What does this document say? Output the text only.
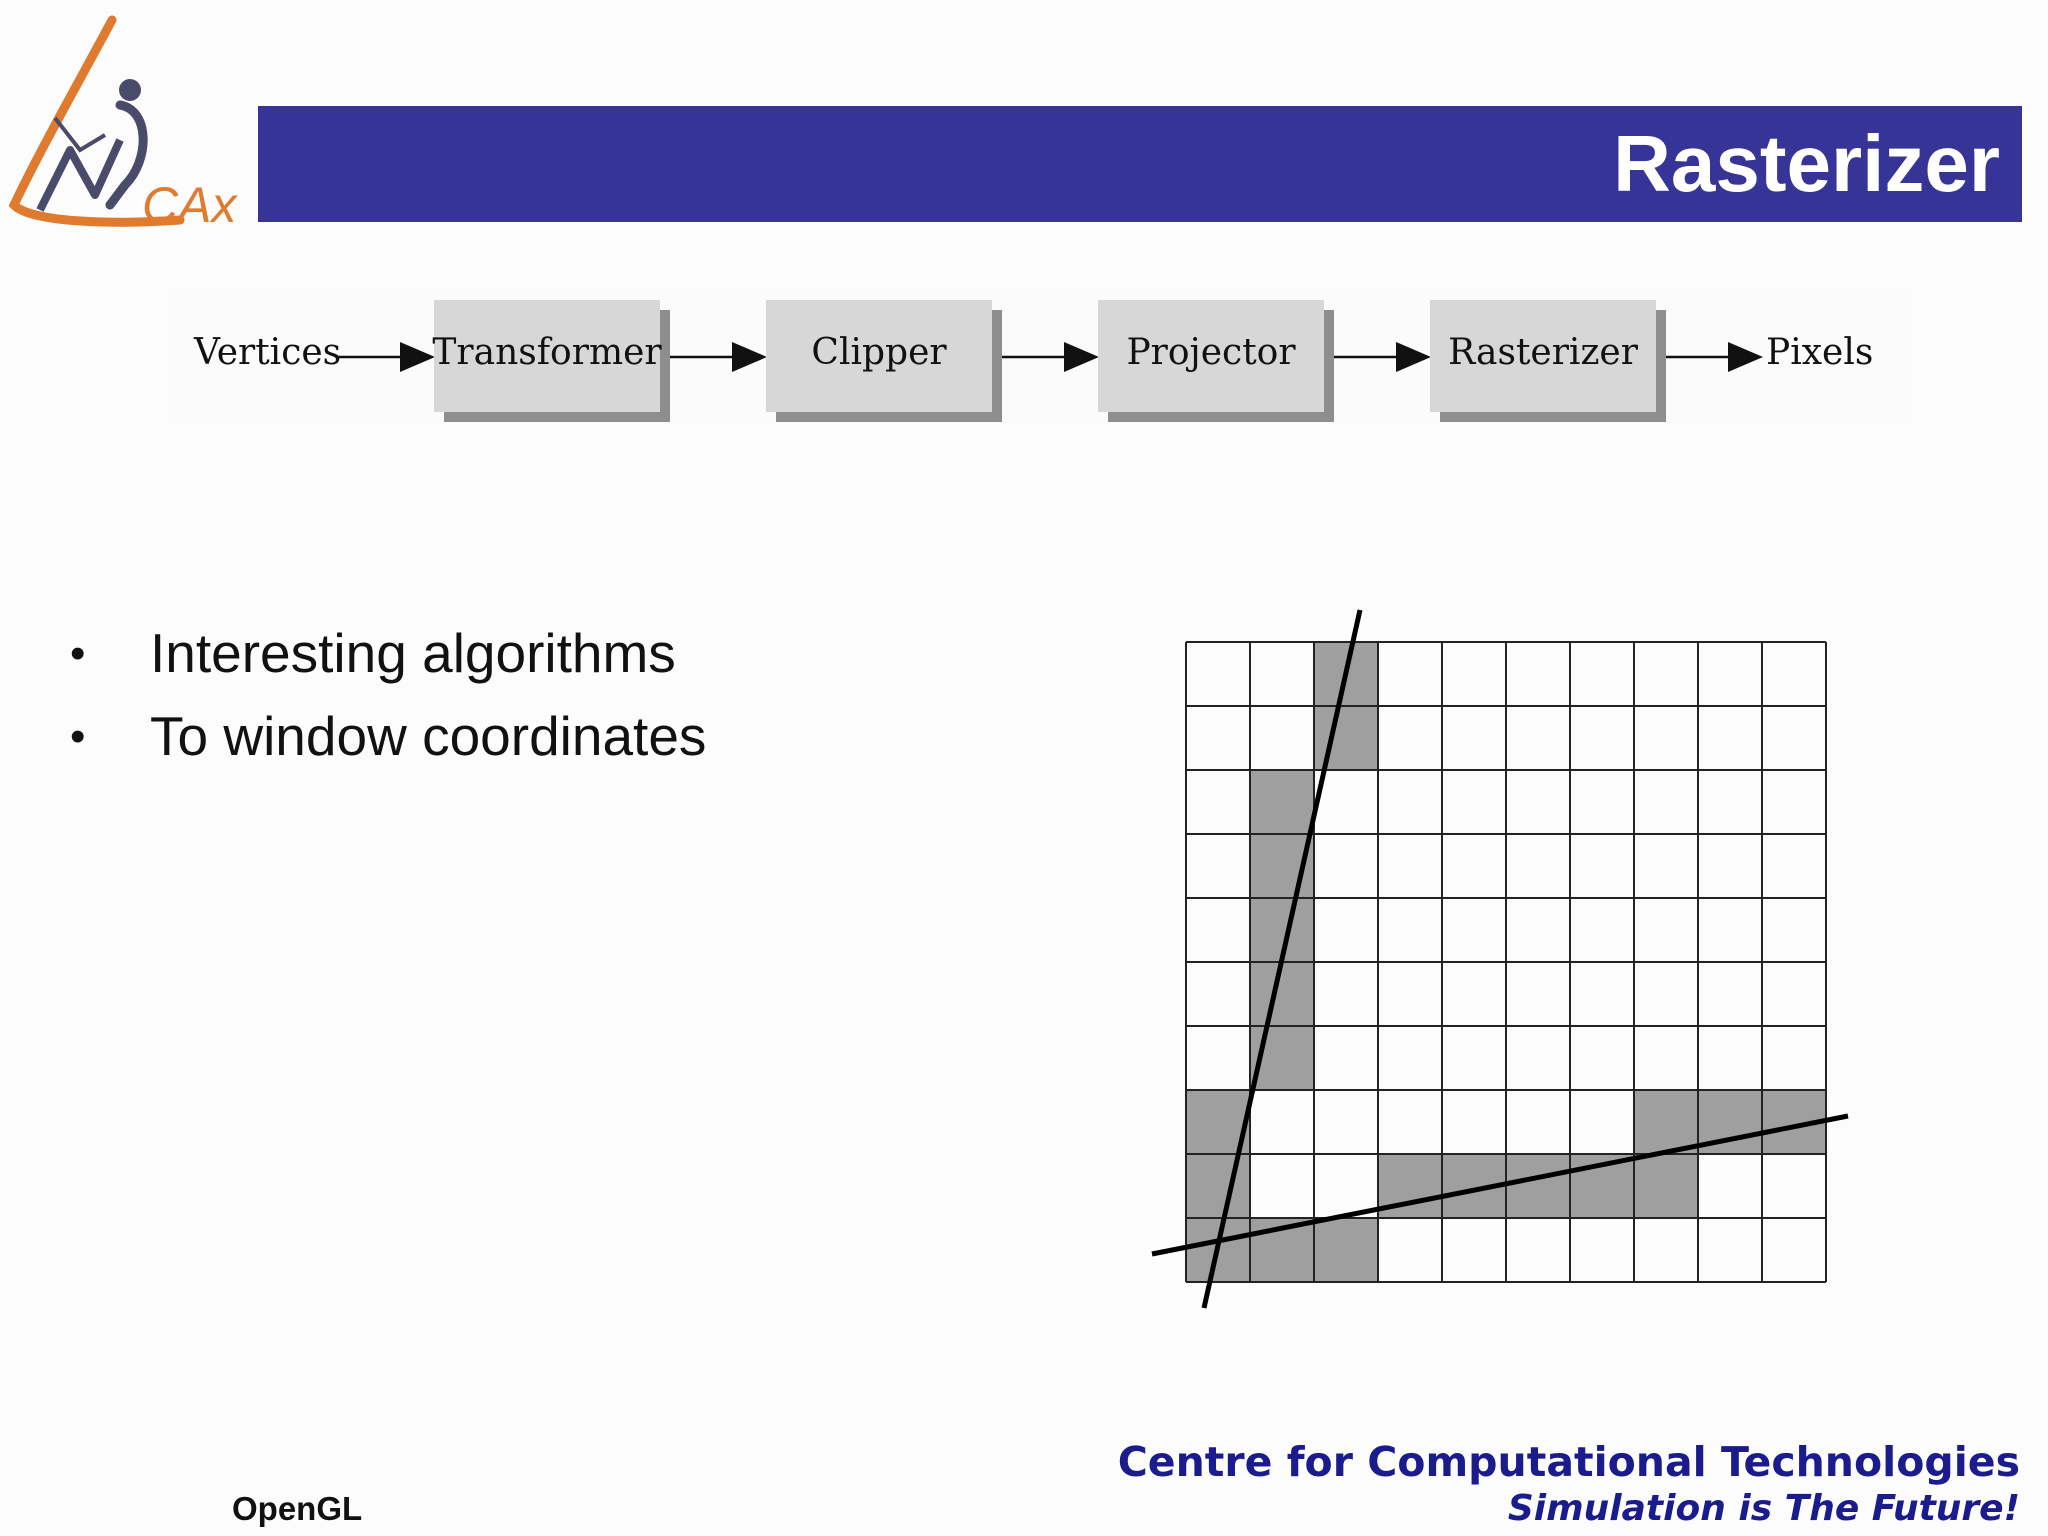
CAx	Rasterizer
Vertices	Transformer	Clipper	Projector	Rasterizer	Pixels
• Interesting algorithms
• To window coordinates
Centre for Computational Technologies
Simulation is The Future!
OpenGL
